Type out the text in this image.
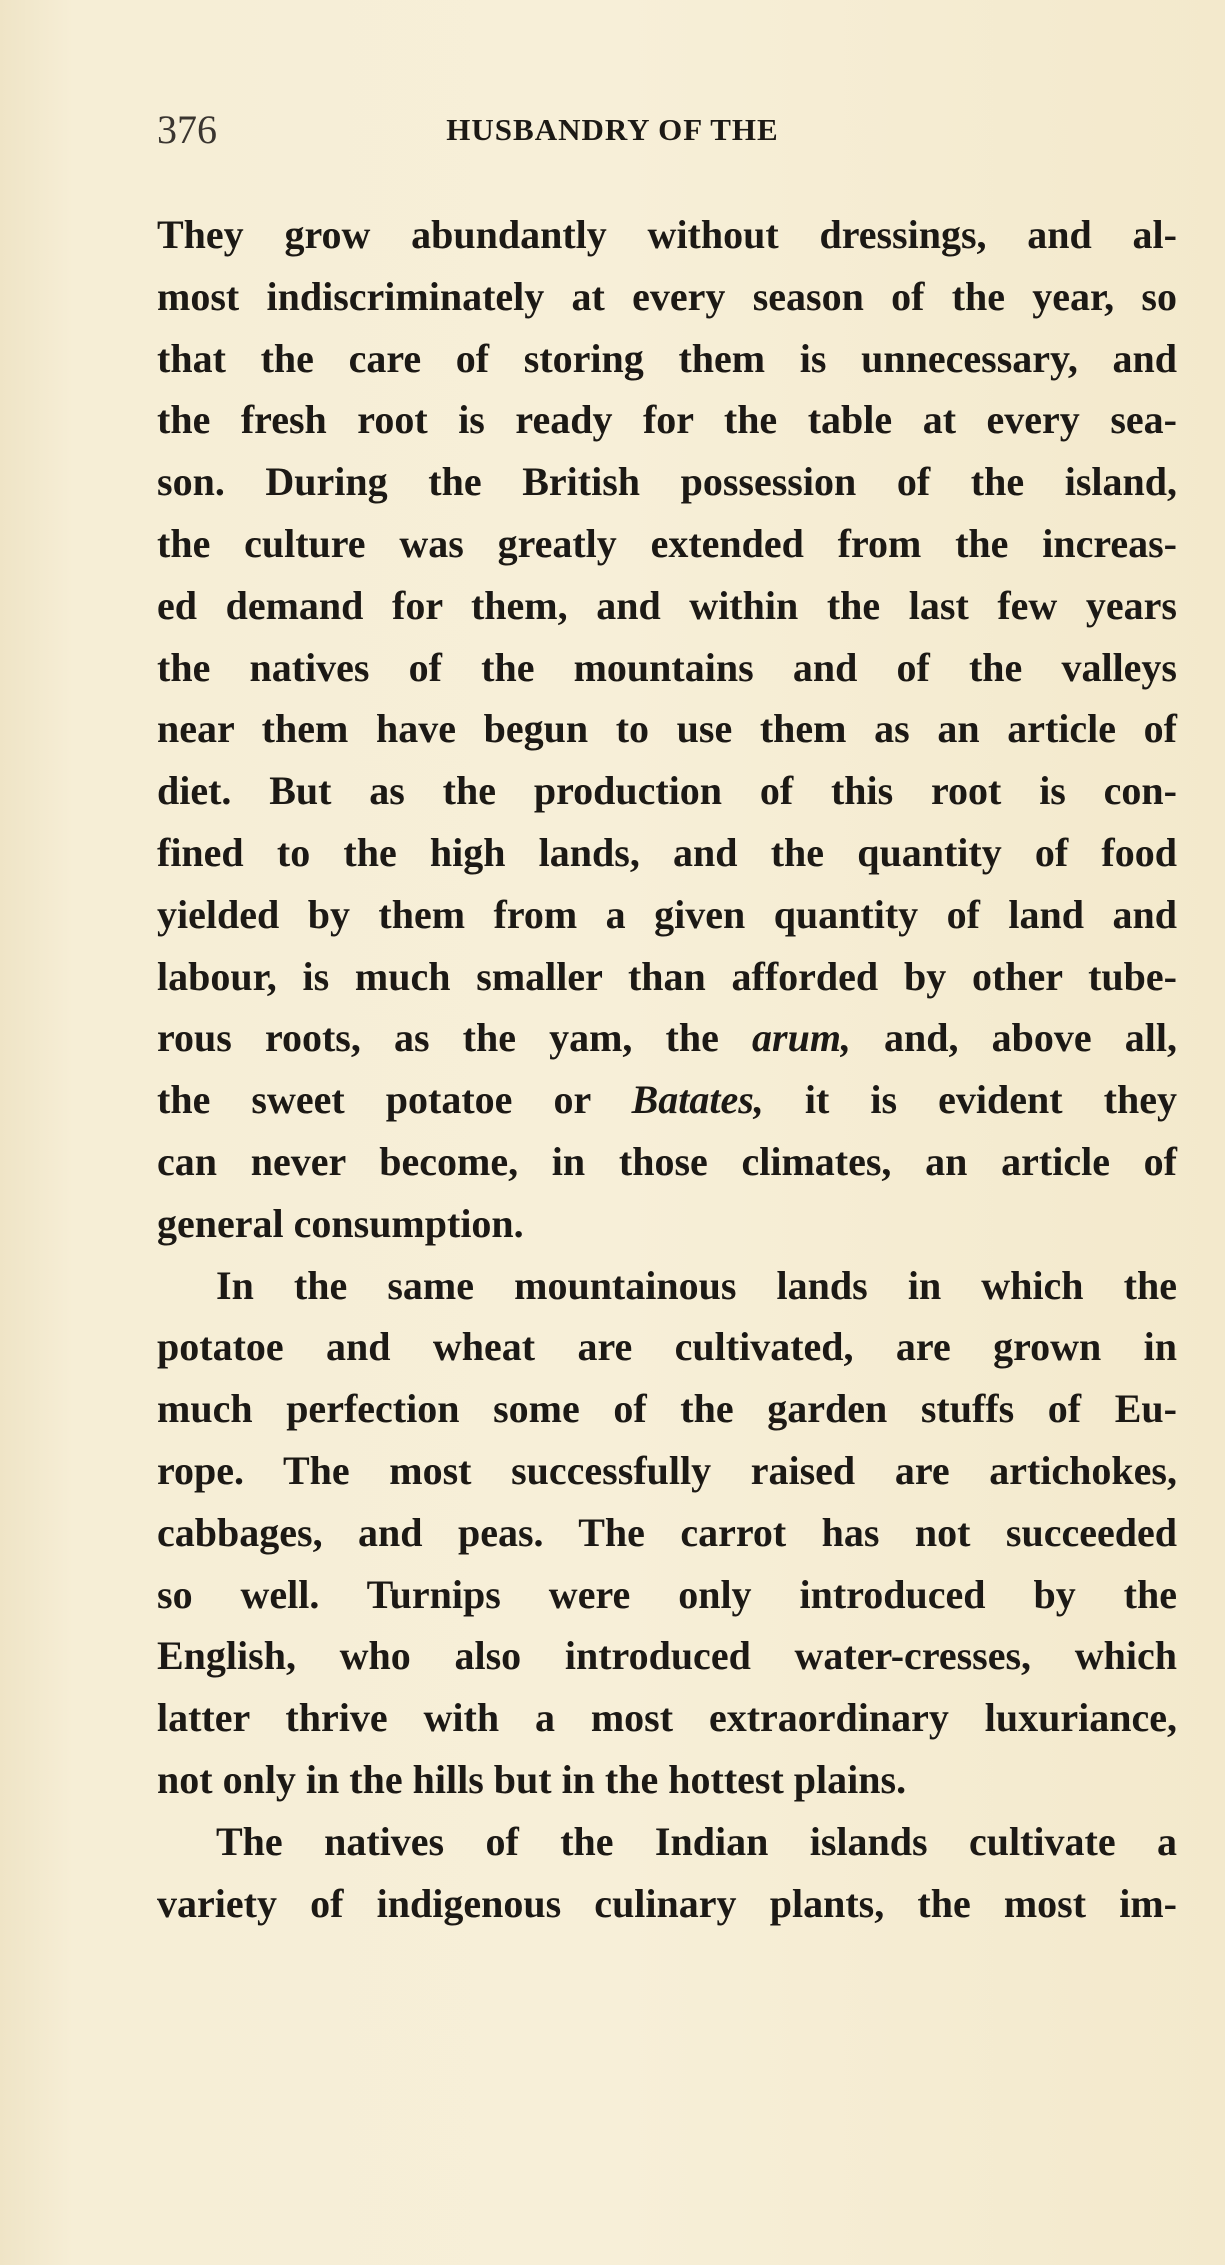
376	HUSBANDRY OF THE
They grow abundantly without dressings, and al-
most indiscriminately at every season of the year, so
that the care of storing them is unnecessary, and
the fresh root is ready for the table at every sea-
son. During the British possession of the island,
the culture was greatly extended from the increas-
ed demand for them, and within the last few years
the natives of the mountains and of the valleys
near them have begun to use them as an article of
diet. But as the production of this root is con-
fined to the high lands, and the quantity of food
yielded by them from a given quantity of land and
labour, is much smaller than afforded by other tube-
rous roots, as the yam, the arum, and, above all,
the sweet potatoe or Batates, it is evident they
can never become, in those climates, an article of
general consumption.
In the same mountainous lands in which the
potatoe and wheat are cultivated, are grown in
much perfection some of the garden stuffs of Eu-
rope. The most successfully raised are artichokes,
cabbages, and peas. The carrot has not succeeded
so well. Turnips were only introduced by the
English, who also introduced water-cresses, which
latter thrive with a most extraordinary luxuriance,
not only in the hills but in the hottest plains.
The natives of the Indian islands cultivate a
variety of indigenous culinary plants, the most im-
